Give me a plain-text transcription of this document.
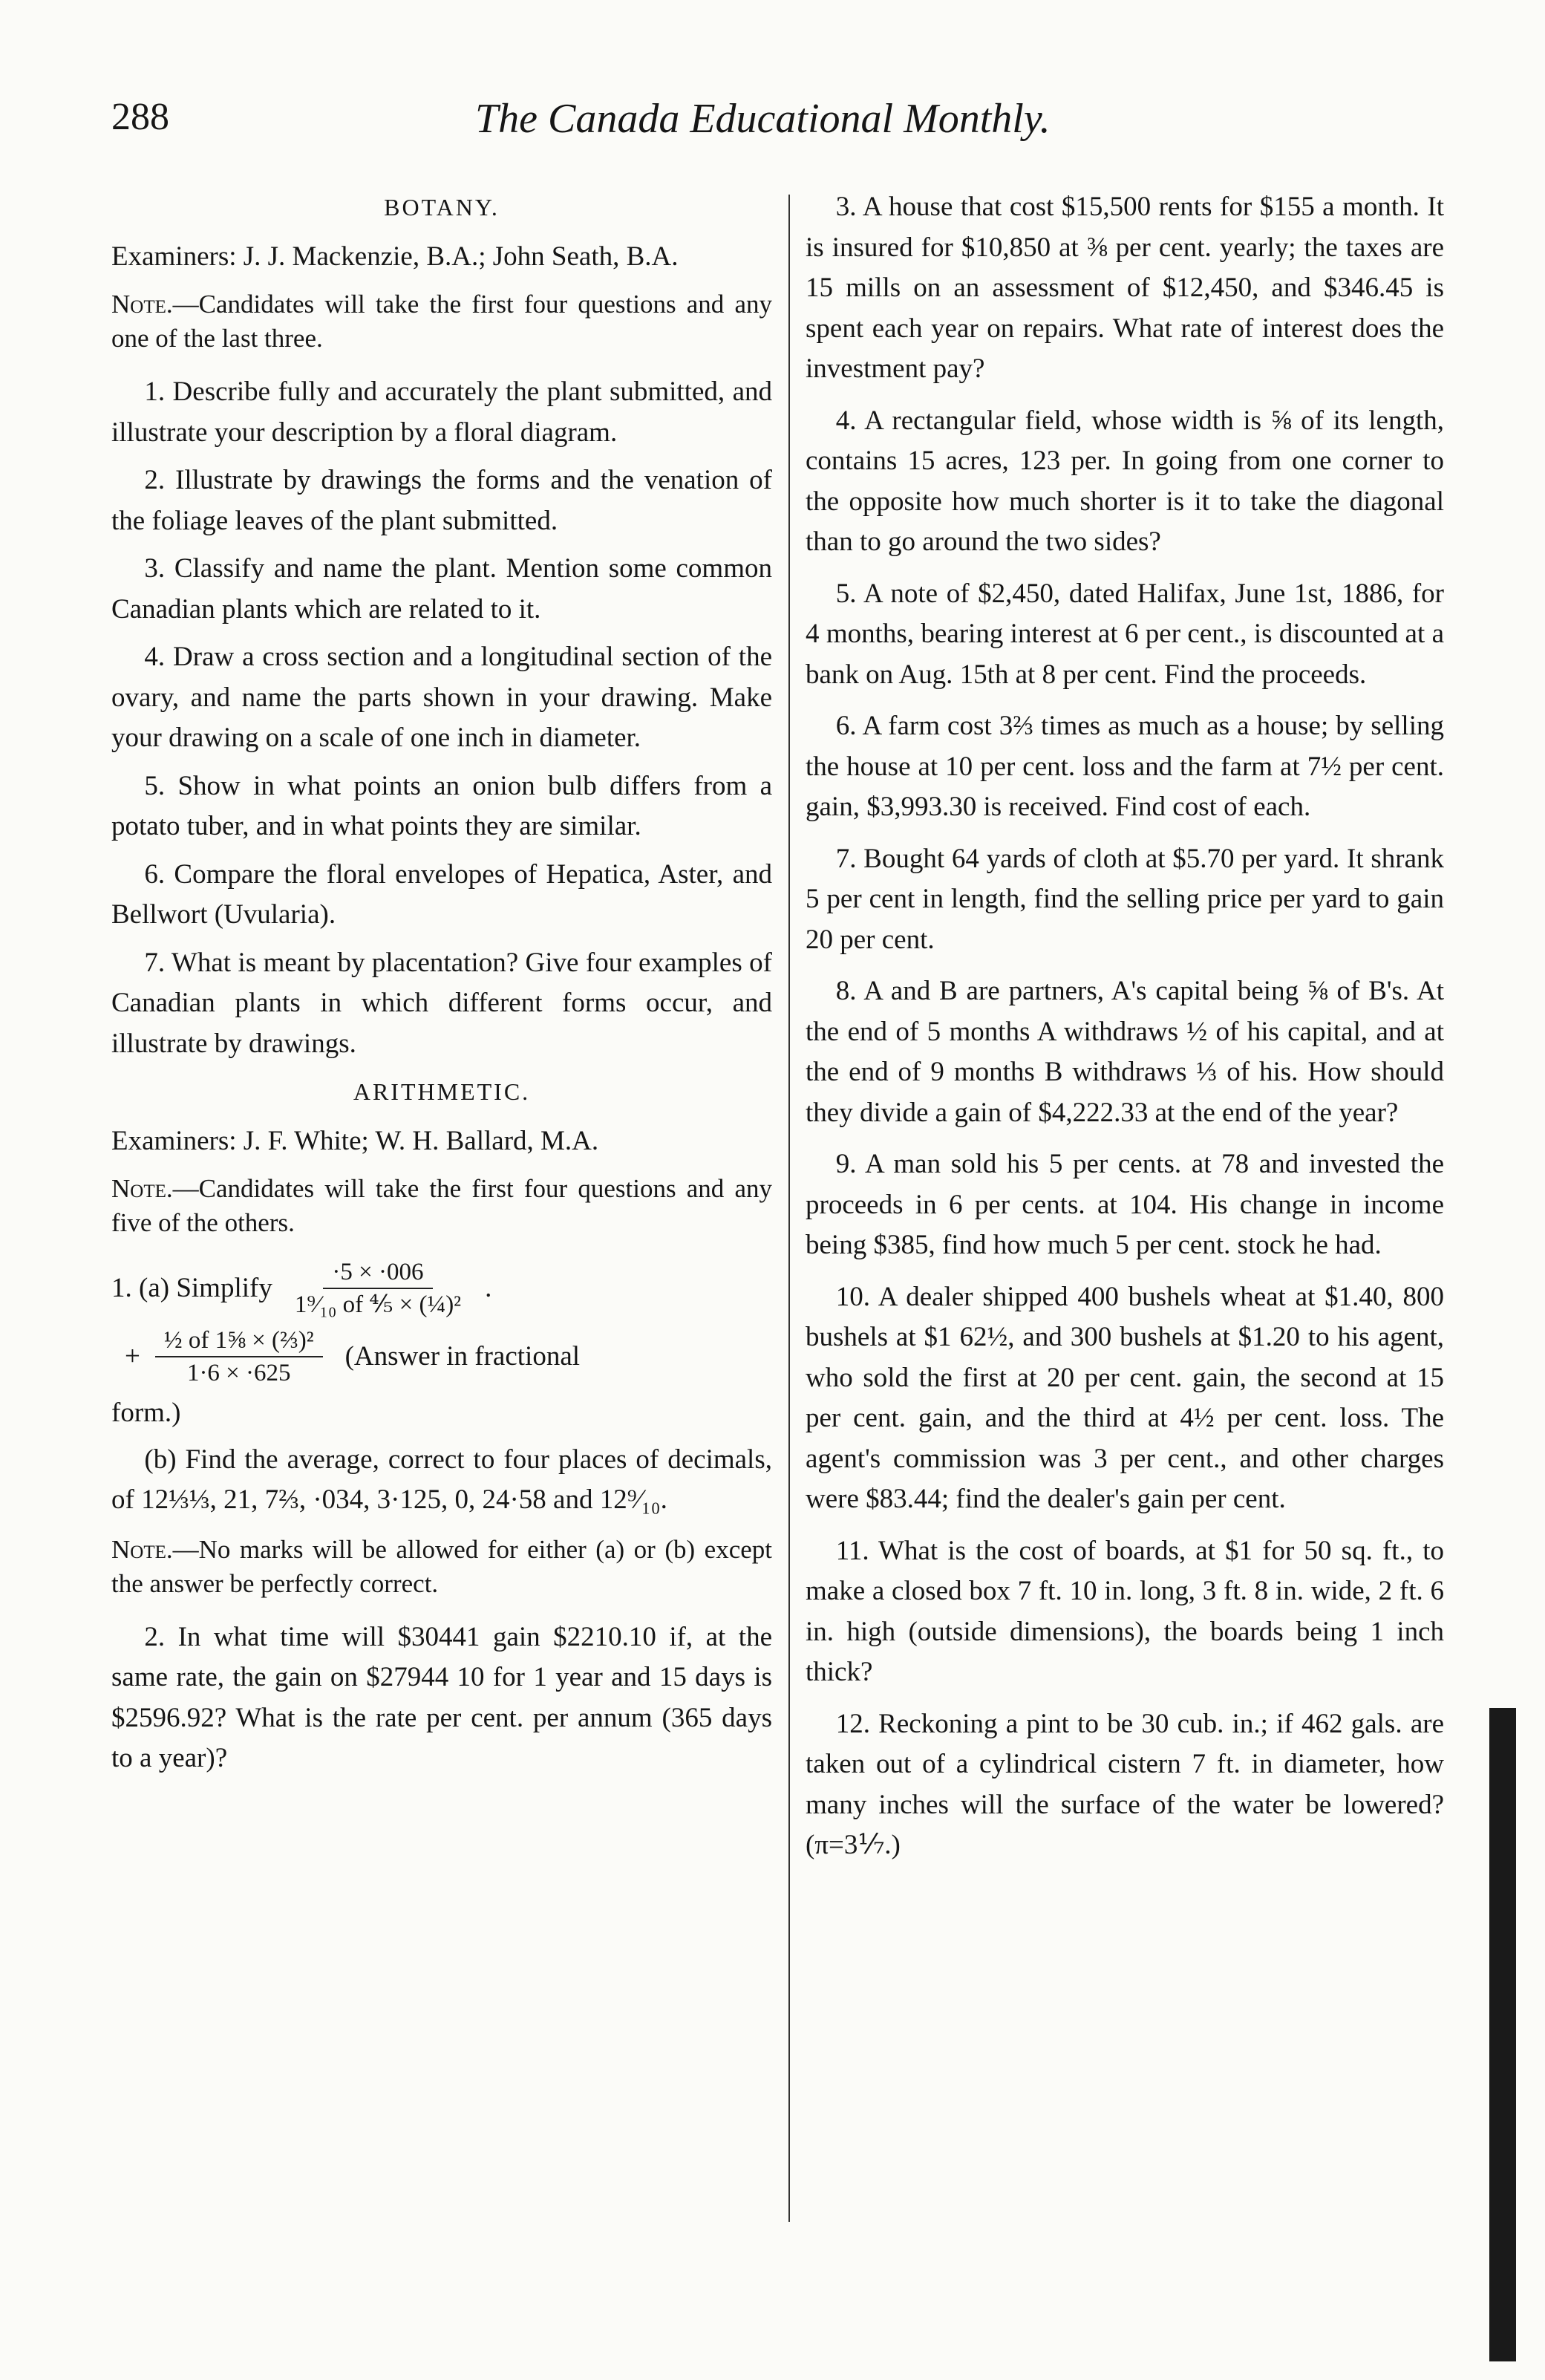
288	The Canada Educational Monthly.
BOTANY.
Examiners: J. J. Mackenzie, B.A.; John Seath, B.A.
Note.—Candidates will take the first four questions and any one of the last three.
1. Describe fully and accurately the plant submitted, and illustrate your description by a floral diagram.
2. Illustrate by drawings the forms and the venation of the foliage leaves of the plant submitted.
3. Classify and name the plant. Mention some common Canadian plants which are related to it.
4. Draw a cross section and a longitudinal section of the ovary, and name the parts shown in your drawing. Make your drawing on a scale of one inch in diameter.
5. Show in what points an onion bulb differs from a potato tuber, and in what points they are similar.
6. Compare the floral envelopes of Hepatica, Aster, and Bellwort (Uvularia).
7. What is meant by placentation? Give four examples of Canadian plants in which different forms occur, and illustrate by drawings.
ARITHMETIC.
Examiners: J. F. White; W. H. Ballard, M.A.
Note.—Candidates will take the first four questions and any five of the others.
1. (a) Simplify $\frac{\cdot 5 \times \cdot 006}{\text{1⁹⁄₁₀ of ⅘ × (¼)²}}$ .
+ $\frac{\text{½ of 1⅝ × (⅔)²}}{1\cdot 6 \times \cdot 625}$ (Answer in fractional
form.)
(b) Find the average, correct to four places of decimals, of 12⅓⅓, 21, 7⅔, ·034, 3·125, 0, 24·58 and 12⁹⁄₁₀.
Note.—No marks will be allowed for either (a) or (b) except the answer be perfectly correct.
2. In what time will $30441 gain $2210.10 if, at the same rate, the gain on $27944 10 for 1 year and 15 days is $2596.92? What is the rate per cent. per annum (365 days to a year)?
3. A house that cost $15,500 rents for $155 a month. It is insured for $10,850 at ⅜ per cent. yearly; the taxes are 15 mills on an assessment of $12,450, and $346.45 is spent each year on repairs. What rate of interest does the investment pay?
4. A rectangular field, whose width is ⅝ of its length, contains 15 acres, 123 per. In going from one corner to the opposite how much shorter is it to take the diagonal than to go around the two sides?
5. A note of $2,450, dated Halifax, June 1st, 1886, for 4 months, bearing interest at 6 per cent., is discounted at a bank on Aug. 15th at 8 per cent. Find the proceeds.
6. A farm cost 3⅔ times as much as a house; by selling the house at 10 per cent. loss and the farm at 7½ per cent. gain, $3,993.30 is received. Find cost of each.
7. Bought 64 yards of cloth at $5.70 per yard. It shrank 5 per cent in length, find the selling price per yard to gain 20 per cent.
8. A and B are partners, A's capital being ⅝ of B's. At the end of 5 months A withdraws ½ of his capital, and at the end of 9 months B withdraws ⅓ of his. How should they divide a gain of $4,222.33 at the end of the year?
9. A man sold his 5 per cents. at 78 and invested the proceeds in 6 per cents. at 104. His change in income being $385, find how much 5 per cent. stock he had.
10. A dealer shipped 400 bushels wheat at $1.40, 800 bushels at $1 62½, and 300 bushels at $1.20 to his agent, who sold the first at 20 per cent. gain, the second at 15 per cent. gain, and the third at 4½ per cent. loss. The agent's commission was 3 per cent., and other charges were $83.44; find the dealer's gain per cent.
11. What is the cost of boards, at $1 for 50 sq. ft., to make a closed box 7 ft. 10 in. long, 3 ft. 8 in. wide, 2 ft. 6 in. high (outside dimensions), the boards being 1 inch thick?
12. Reckoning a pint to be 30 cub. in.; if 462 gals. are taken out of a cylindrical cistern 7 ft. in diameter, how many inches will the surface of the water be lowered? (π=3⅐.)
